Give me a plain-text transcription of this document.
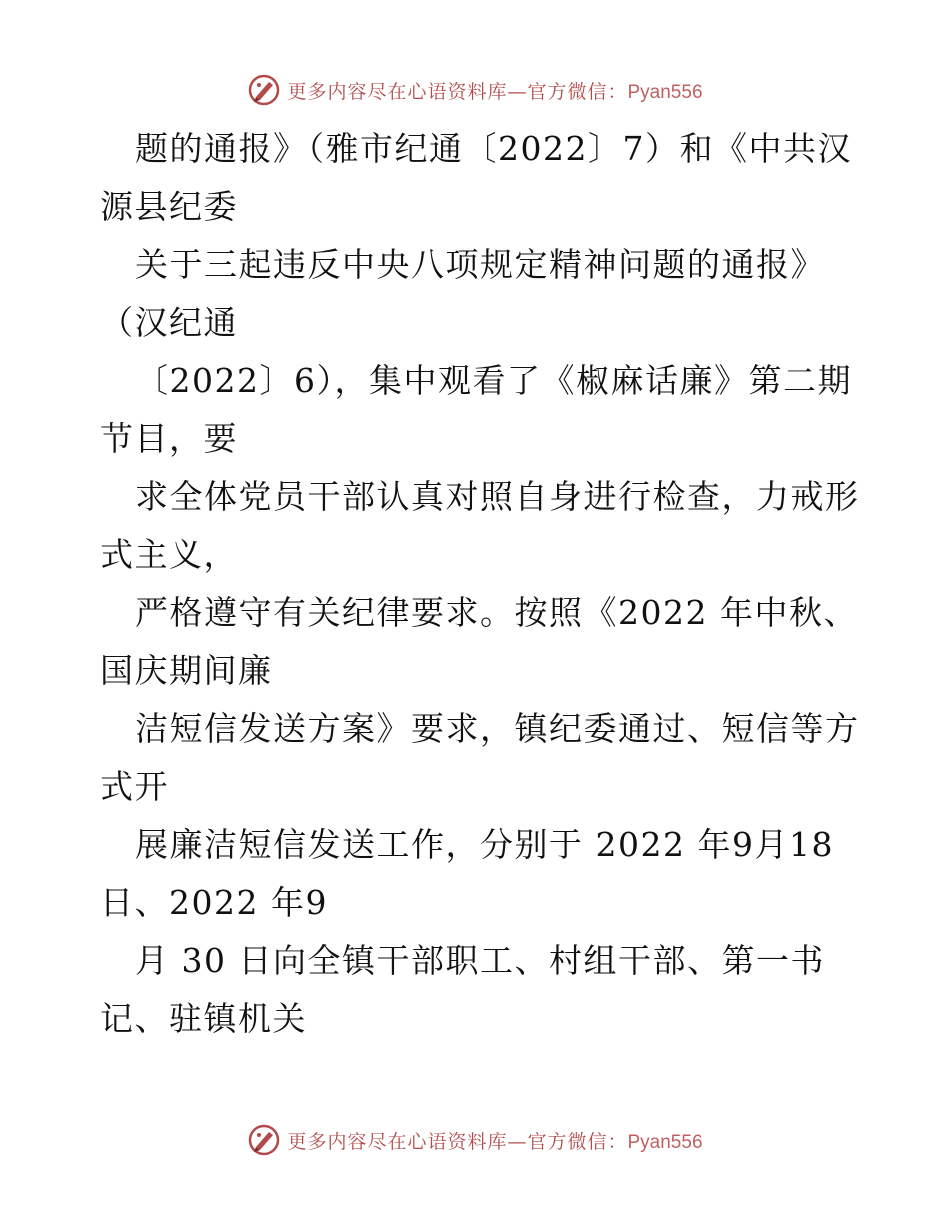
更多内容尽在心语资料库—官方微信：Pyan556
题的通报》（雅市纪通〔2022〕7）和《中共汉
源县纪委
关于三起违反中央八项规定精神问题的通报》
（汉纪通
〔2022〕6），集中观看了《椒麻话廉》第二期
节目，要
求全体党员干部认真对照自身进行检查，力戒形
式主义，
严格遵守有关纪律要求。按照《2022 年中秋、
国庆期间廉
洁短信发送方案》要求，镇纪委通过、短信等方
式开
展廉洁短信发送工作，分别于 2022 年9月18
日、2022 年9
月 30 日向全镇干部职工、村组干部、第一书
记、驻镇机关
更多内容尽在心语资料库—官方微信：Pyan556
